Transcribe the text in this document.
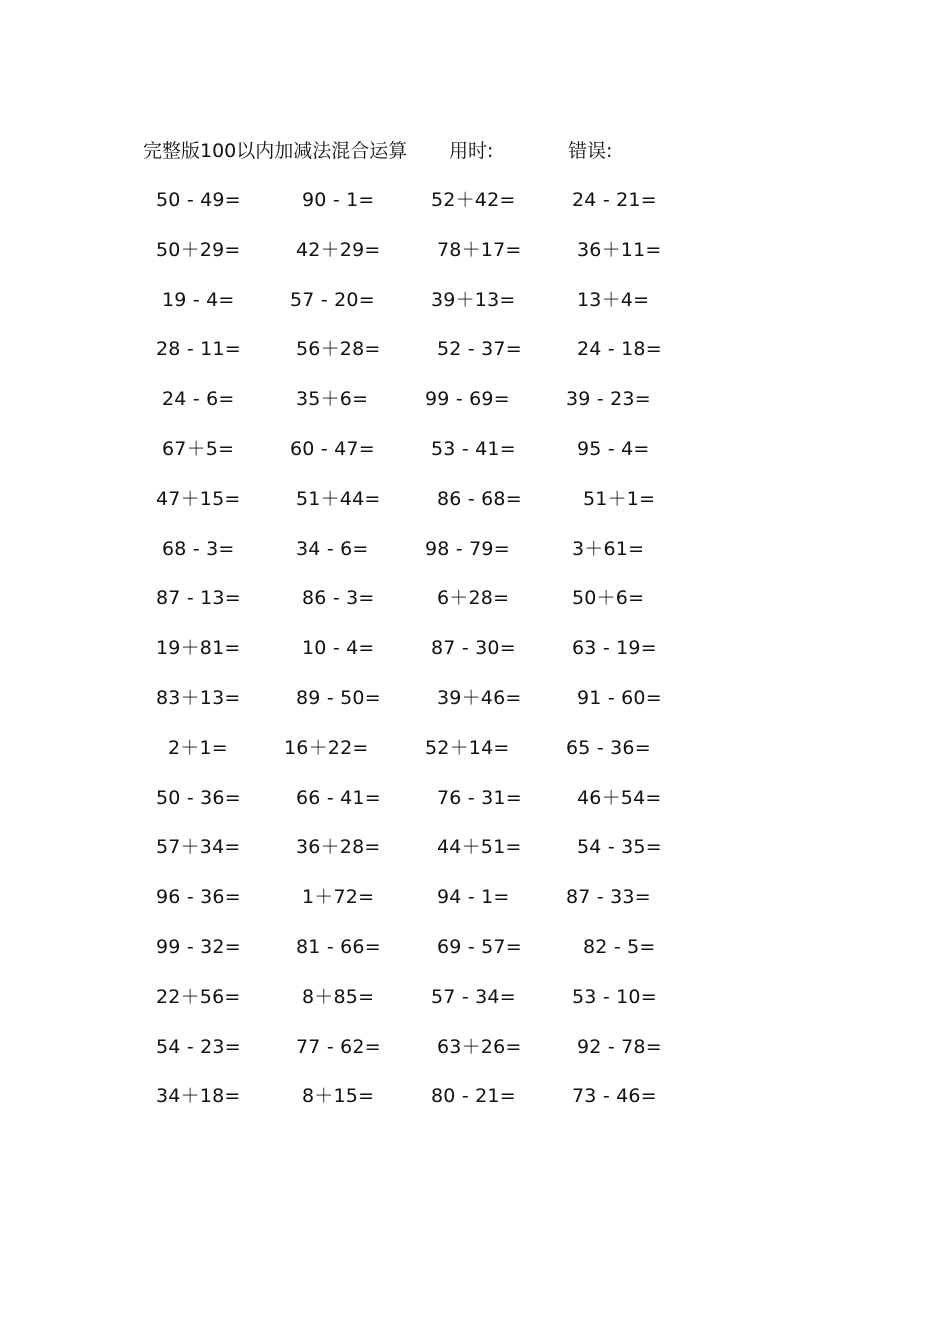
完整版100以内加减法混合运算 用时:	错误:
50 - 49=	90 - 1=	52＋42=	24 - 21=
50＋29=	42＋29=	78＋17=	36＋11=
19 - 4=	57 - 20=	39＋13=	13＋4=
28 - 11=	56＋28=	52 - 37=	24 - 18=
24 - 6=	35＋6=	99 - 69=	39 - 23=
67＋5=	60 - 47=	53 - 41=	95 - 4=
47＋15=	51＋44=	86 - 68=	51＋1=
68 - 3=	34 - 6=	98 - 79=	3＋61=
87 - 13=	86 - 3=	6＋28=	50＋6=
19＋81=	10 - 4=	87 - 30=	63 - 19=
83＋13=	89 - 50=	39＋46=	91 - 60=
2＋1=	16＋22=	52＋14=	65 - 36=
50 - 36=	66 - 41=	76 - 31=	46＋54=
57＋34=	36＋28=	44＋51=	54 - 35=
96 - 36=	1＋72=	94 - 1=	87 - 33=
99 - 32=	81 - 66=	69 - 57=	82 - 5=
22＋56=	8＋85=	57 - 34=	53 - 10=
54 - 23=	77 - 62=	63＋26=	92 - 78=
34＋18=	8＋15=	80 - 21=	73 - 46=
